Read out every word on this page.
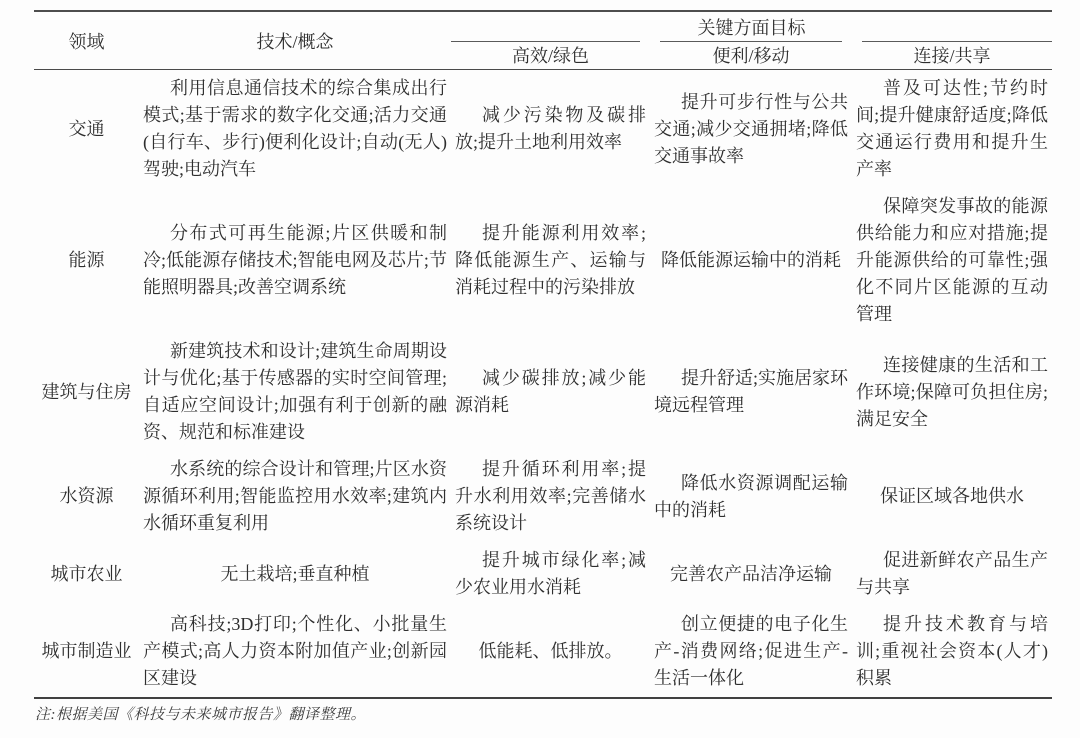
领域	技术/概念	关键方面目标		
		高效/绿色	便利/移动	连接/共享

交通	利用信息通信技术的综合集成出行模式;基于需求的数字化交通;活力交通(自行车、步行)便利化设计;自动(无人)驾驶;电动汽车	减少污染物及碳排放;提升土地利用效率	提升可步行性与公共交通;减少交通拥堵;降低交通事故率	普及可达性;节约时间;提升健康舒适度;降低交通运行费用和提升生产率

能源	分布式可再生能源;片区供暖和制冷;低能源存储技术;智能电网及芯片;节能照明器具;改善空调系统	提升能源利用效率;降低能源生产、运输与消耗过程中的污染排放	降低能源运输中的消耗	保障突发事故的能源供给能力和应对措施;提升能源供给的可靠性;强化不同片区能源的互动管理

建筑与住房	新建筑技术和设计;建筑生命周期设计与优化;基于传感器的实时空间管理;自适应空间设计;加强有利于创新的融资、规范和标准建设	减少碳排放;减少能源消耗	提升舒适;实施居家环境远程管理	连接健康的生活和工作环境;保障可负担住房;满足安全

水资源	水系统的综合设计和管理;片区水资源循环利用;智能监控用水效率;建筑内水循环重复利用	提升循环利用率;提升水利用效率;完善储水系统设计	降低水资源调配运输中的消耗	保证区域各地供水

城市农业	无土栽培;垂直种植	提升城市绿化率;减少农业用水消耗	完善农产品洁净运输	促进新鲜农产品生产与共享

城市制造业	高科技;3D打印;个性化、小批量生产模式;高人力资本附加值产业;创新园区建设	低能耗、低排放。	创立便捷的电子化生产-消费网络;促进生产-生活一体化	提升技术教育与培训;重视社会资本(人才)积累
注:根据美国《科技与未来城市报告》翻译整理。
